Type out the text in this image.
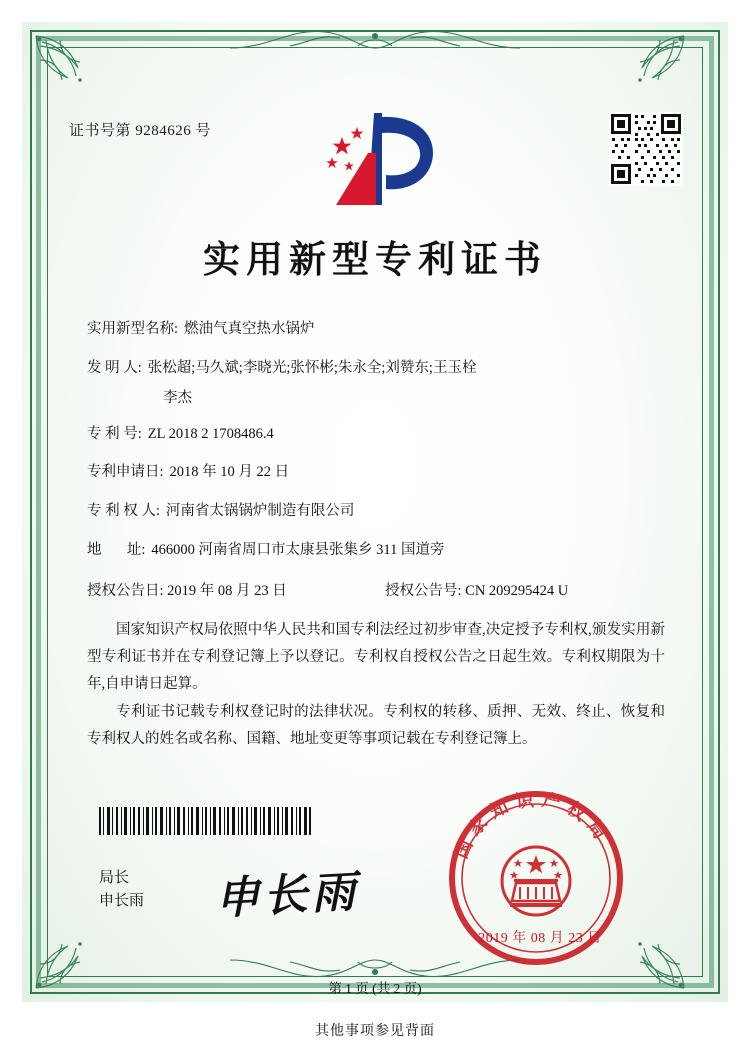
证书号第 9284626 号
实用新型专利证书
实用新型名称: 燃油气真空热水锅炉
发 明 人: 张松超;马久斌;李晓光;张怀彬;朱永全;刘赞东;王玉栓
李杰
专 利 号: ZL 2018 2 1708486.4
专利申请日: 2018 年 10 月 22 日
专 利 权 人: 河南省太锅锅炉制造有限公司
地       址: 466000 河南省周口市太康县张集乡 311 国道旁
授权公告日: 2019 年 08 月 23 日	授权公告号: CN 209295424 U

国家知识产权局依照中华人民共和国专利法经过初步审查,决定授予专利权,颁发实用新型专利证书并在专利登记簿上予以登记。专利权自授权公告之日起生效。专利权期限为十年,自申请日起算。

专利证书记载专利权登记时的法律状况。专利权的转移、质押、无效、终止、恢复和专利权人的姓名或名称、国籍、地址变更等事项记载在专利登记簿上。

局长
申长雨 申长雨
国家知识产权局
2019 年 08 月 23 日
第 1 页 (共 2 页)
其他事项参见背面
